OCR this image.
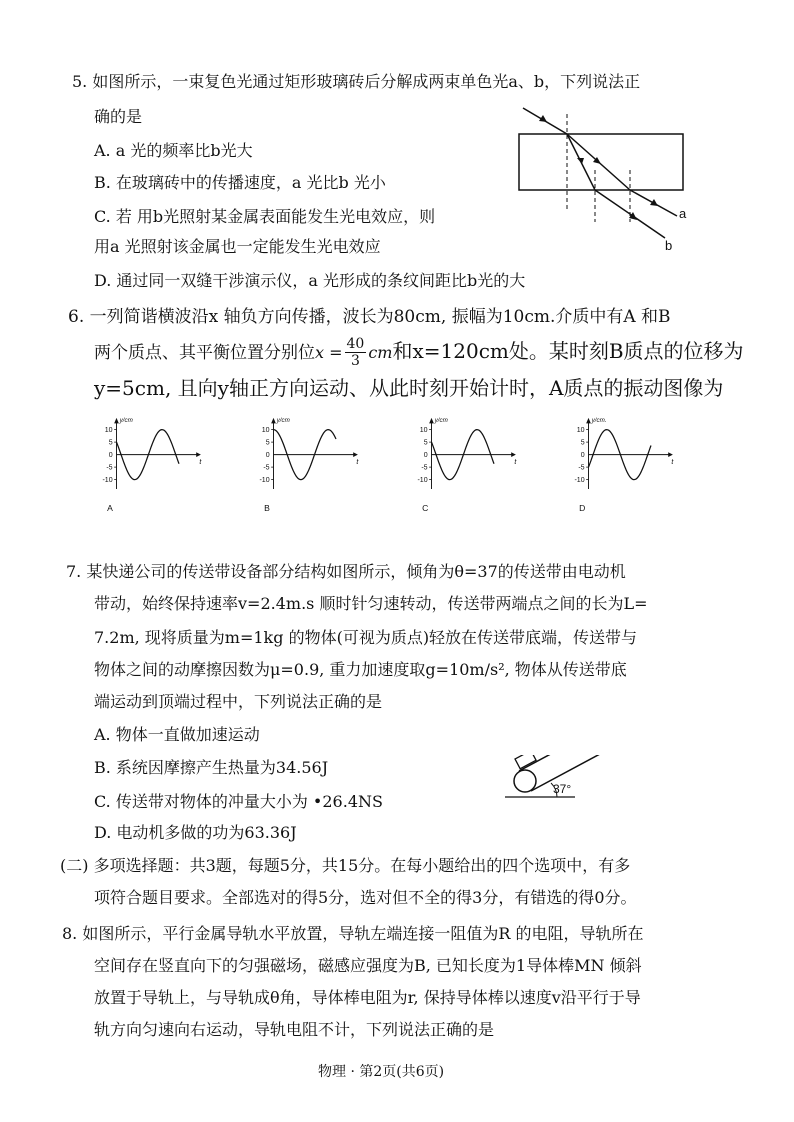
5. 如图所示，一束复色光通过矩形玻璃砖后分解成两束单色光a、b，下列说法正
确的是
A. a 光的频率比b光大
B. 在玻璃砖中的传播速度，a 光比b 光小
C. 若 用b光照射某金属表面能发生光电效应，则
用a 光照射该金属也一定能发生光电效应
D. 通过同一双缝干涉演示仪，a 光形成的条纹间距比b光的大
a
b
6. 一列简谐横波沿x 轴负方向传播，波长为80cm, 振幅为10cm.介质中有A 和B
两个质点、其平衡位置分别位$x = \frac{40}{3}$ cm和x=120cm处。某时刻B质点的位移为
y=5cm, 且向y轴正方向运动、从此时刻开始计时，A质点的振动图像为
y/cm
t
10
5
0
-5
-10
A
y/cm
t
10
5
0
-5
-10
B
y/cm
t
10
5
0
-5
-10
C
y/cm.
t
10
5
0
-5
-10
D
7. 某快递公司的传送带设备部分结构如图所示，倾角为θ=37的传送带由电动机
带动，始终保持速率v=2.4m.s 顺时针匀速转动，传送带两端点之间的长为L=
7.2m, 现将质量为m=1kg 的物体(可视为质点)轻放在传送带底端，传送带与
物体之间的动摩擦因数为μ=0.9, 重力加速度取g=10m/s², 物体从传送带底
端运动到顶端过程中，下列说法正确的是
A. 物体一直做加速运动
B. 系统因摩擦产生热量为34.56J
C. 传送带对物体的冲量大小为 •26.4NS
D. 电动机多做的功为63.36J
37°
(二) 多项选择题：共3题，每题5分，共15分。在每小题给出的四个选项中，有多
项符合题目要求。全部选对的得5分，选对但不全的得3分，有错选的得0分。
8. 如图所示，平行金属导轨水平放置，导轨左端连接一阻值为R 的电阻，导轨所在
空间存在竖直向下的匀强磁场，磁感应强度为B, 已知长度为1导体棒MN 倾斜
放置于导轨上，与导轨成θ角，导体棒电阻为r, 保持导体棒以速度v沿平行于导
轨方向匀速向右运动，导轨电阻不计，下列说法正确的是
物理 · 第2页(共6页)
